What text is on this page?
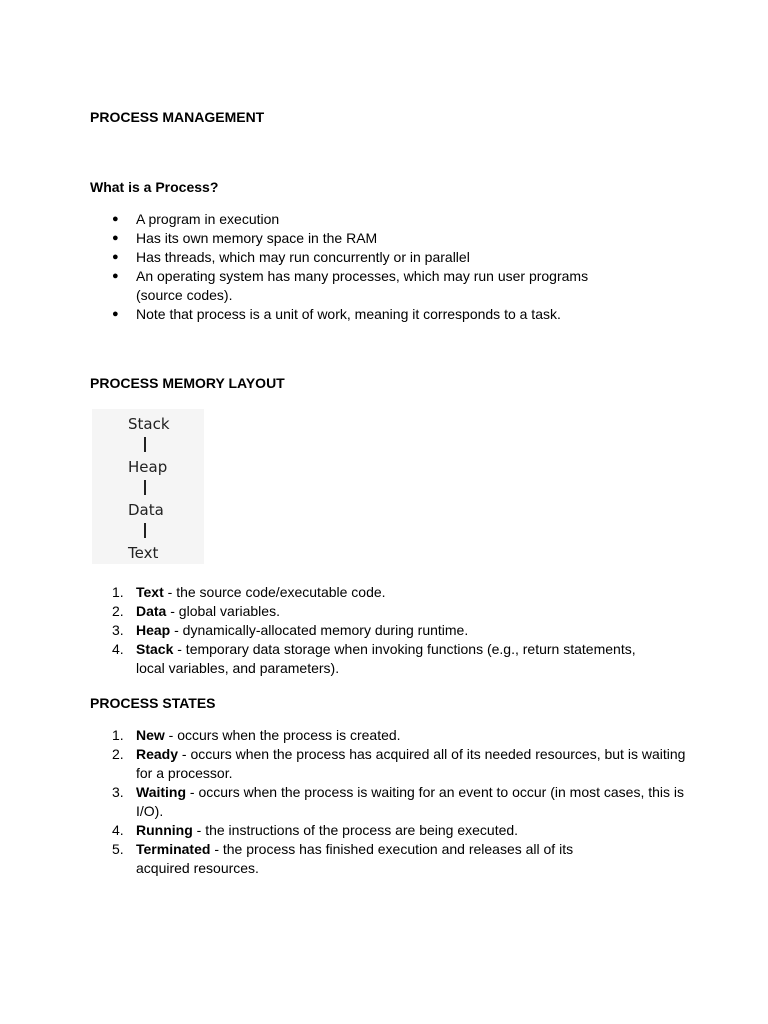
PROCESS MANAGEMENT
What is a Process?
● A program in execution
● Has its own memory space in the RAM
● Has threads, which may run concurrently or in parallel
● An operating system has many processes, which may run user programs (source codes).
● Note that process is a unit of work, meaning it corresponds to a task.
PROCESS MEMORY LAYOUT
Stack
Heap
Data
Text
1. Text - the source code/executable code.
2. Data - global variables.
3. Heap - dynamically-allocated memory during runtime.
4. Stack - temporary data storage when invoking functions (e.g., return statements, local variables, and parameters).
PROCESS STATES
1. New - occurs when the process is created.
2. Ready - occurs when the process has acquired all of its needed resources, but is waiting for a processor.
3. Waiting - occurs when the process is waiting for an event to occur (in most cases, this is I/O).
4. Running - the instructions of the process are being executed.
5. Terminated - the process has finished execution and releases all of its acquired resources.
